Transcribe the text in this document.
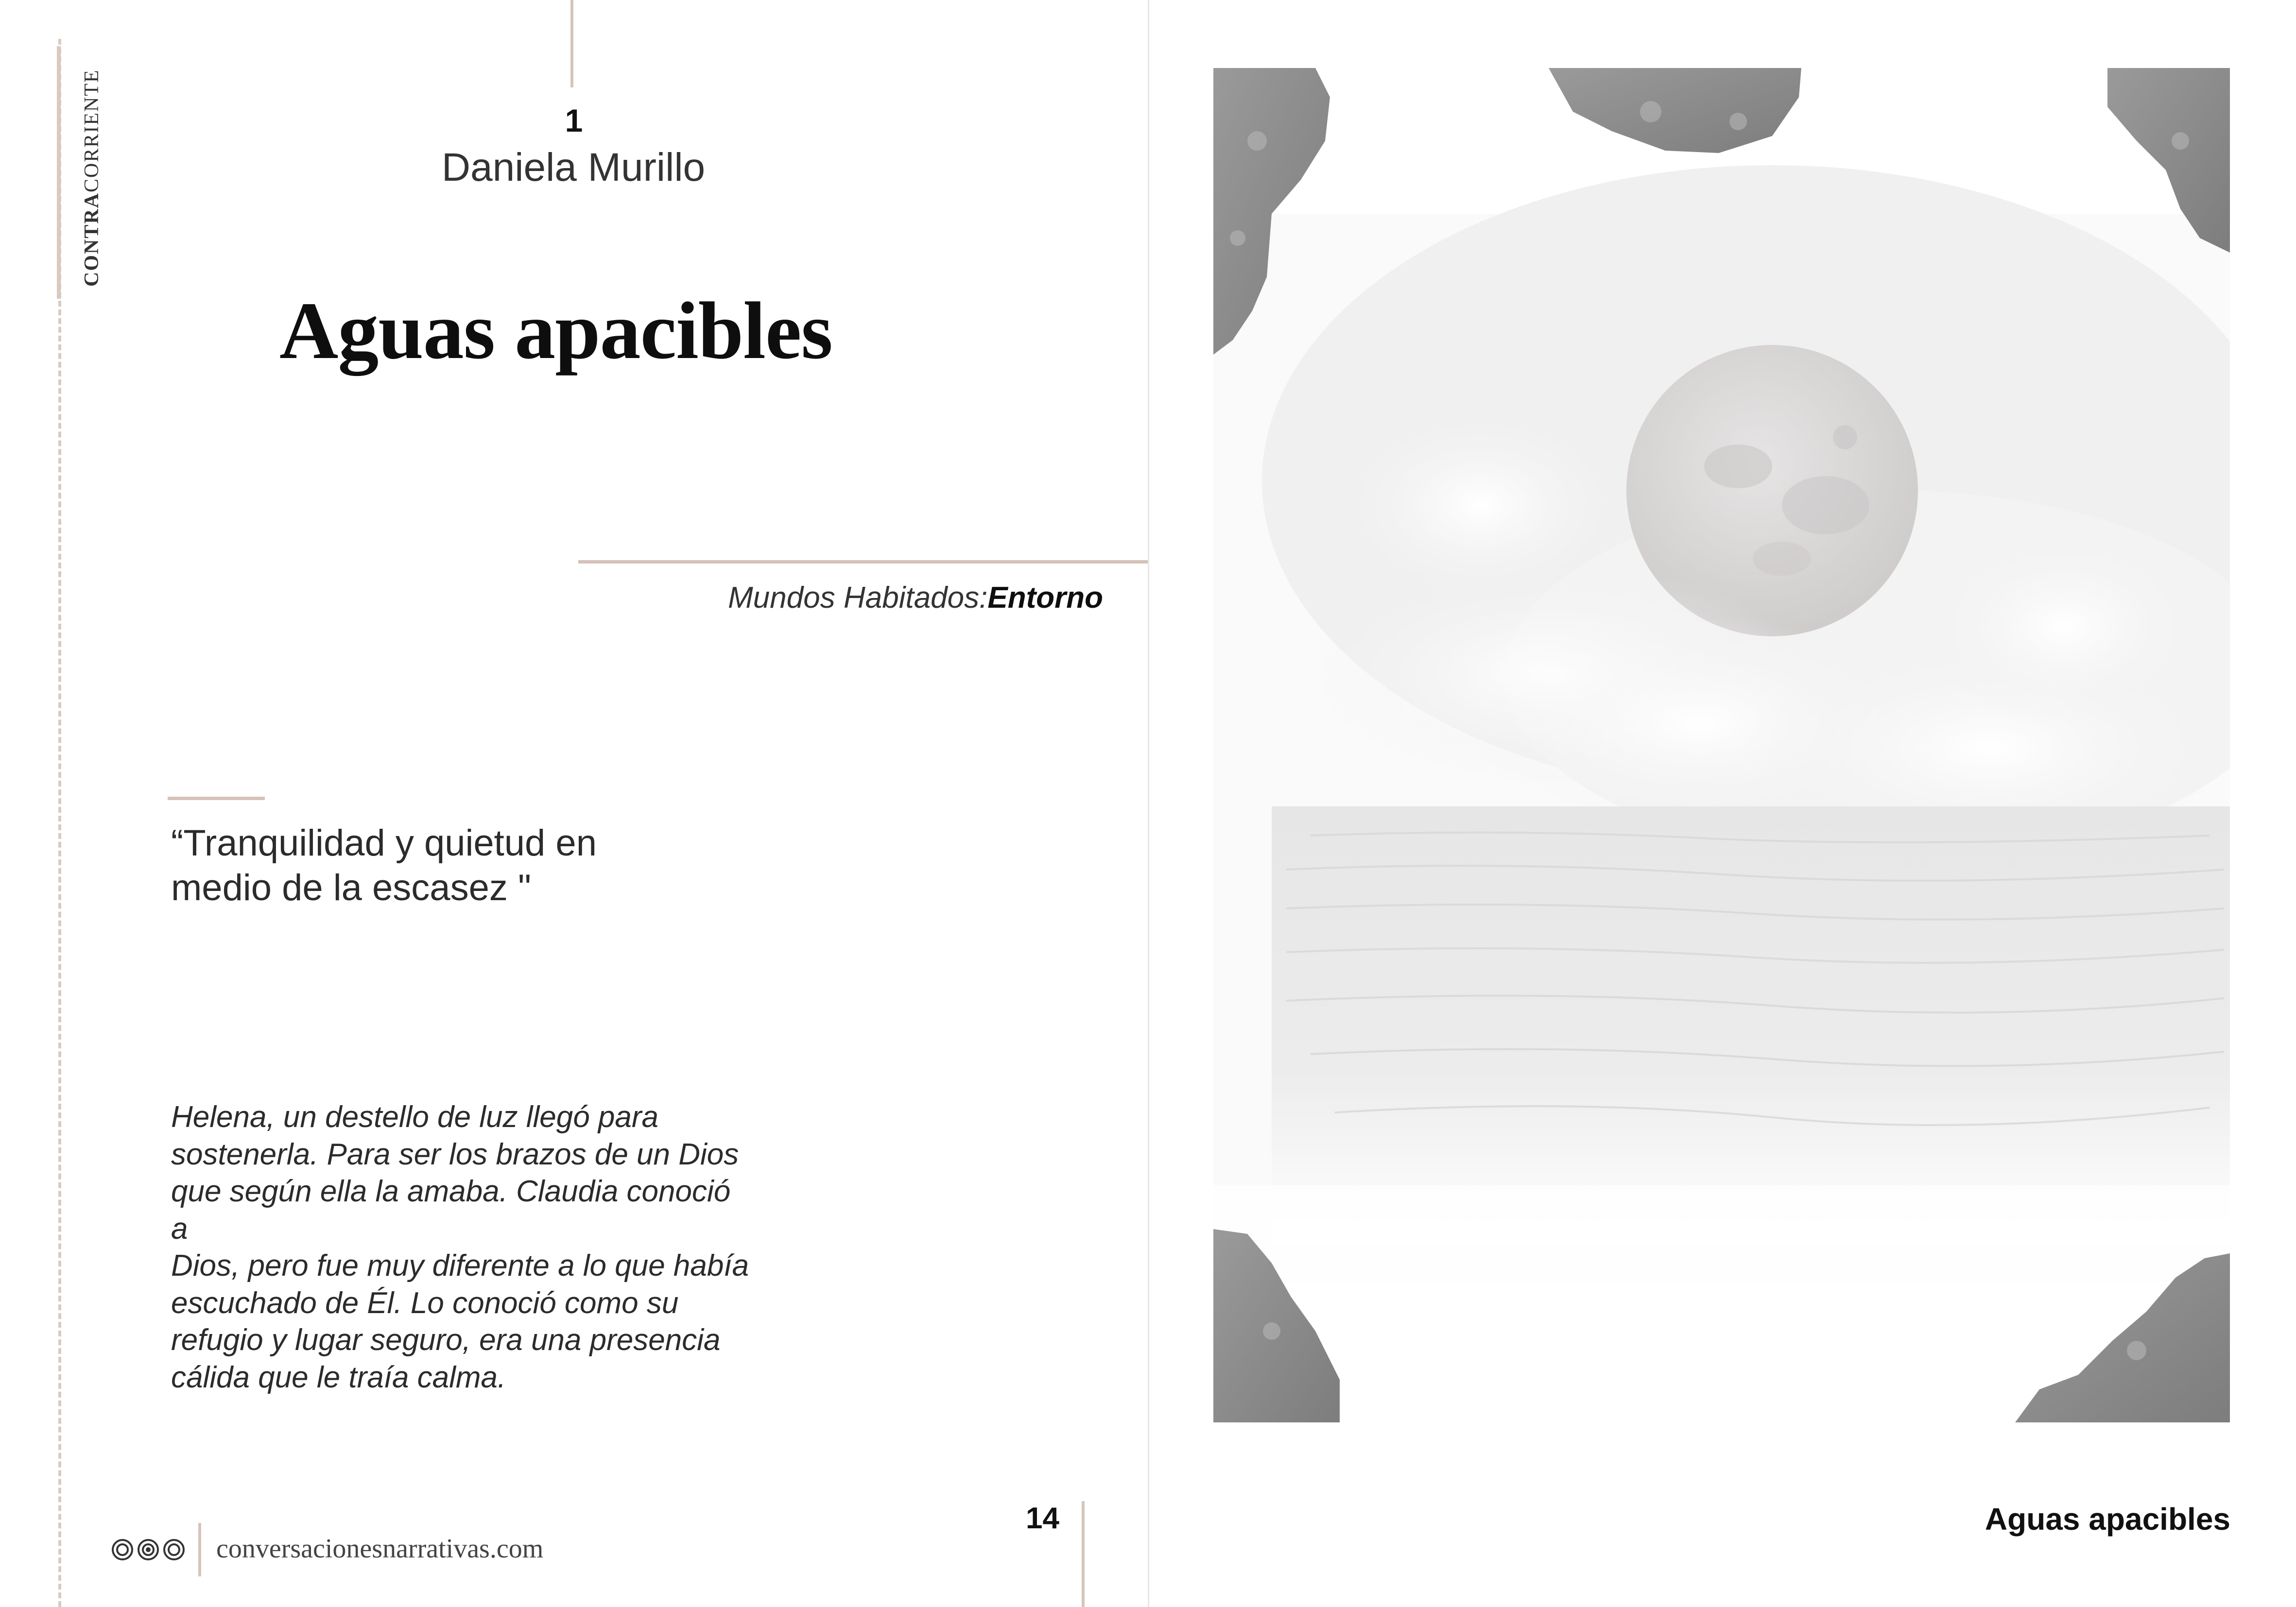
CONTRACORRIENTE	1
Daniela Murillo
Aguas apacibles
Mundos Habitados:Entorno
“Tranquilidad y quietud en
medio de la escasez "
Helena, un destello de luz llegó para
sostenerla. Para ser los brazos de un Dios
que según ella la amaba. Claudia conoció a
Dios, pero fue muy diferente a lo que había
escuchado de Él. Lo conoció como su
refugio y lugar seguro, era una presencia
cálida que le traía calma.
14
conversacionesnarrativas.com
Aguas apacibles
